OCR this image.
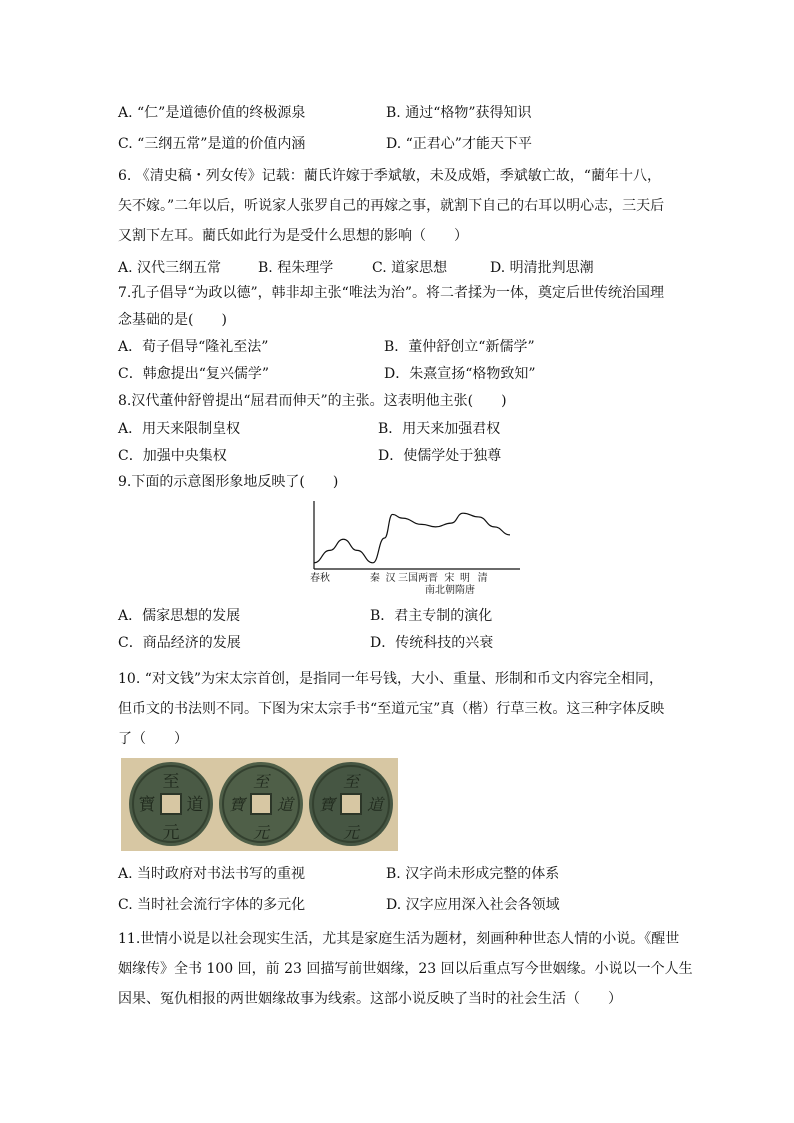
A. “仁”是道德价值的终极源泉	B. 通过“格物”获得知识
C. “三纲五常”是道的价值内涵	D. “正君心”才能天下平
6. 《清史稿・列女传》记载：藺氏许嫁于季斌敏，未及成婚，季斌敏亡故，“藺年十八，
矢不嫁。”二年以后，听说家人张罗自己的再嫁之事，就割下自己的右耳以明心志，三天后
又割下左耳。藺氏如此行为是受什么思想的影响（　　）
A. 汉代三纲五常	B. 程朱理学	C. 道家思想	D. 明清批判思潮
7.孔子倡导“为政以德”，韩非却主张“唯法为治”。将二者揉为一体，奠定后世传统治国理
念基础的是(　　)
A．荀子倡导“隆礼至法”	B．董仲舒创立“新儒学”
C．韩愈提出“复兴儒学”	D．朱熹宣扬“格物致知”
8.汉代董仲舒曾提出“屈君而伸天”的主张。这表明他主张(　　)
A．用天来限制皇权	B．用天来加强君权
C．加强中央集权	D．使儒学处于独尊
9.下面的示意图形象地反映了(　　)
春秋	秦 汉 三国两晋 宋 明 清
南北朝隋唐
A．儒家思想的发展	B．君主专制的演化
C．商品经济的发展	D．传统科技的兴衰
10. “对文钱”为宋太宗首创，是指同一年号钱，大小、重量、形制和币文内容完全相同，
但币文的书法则不同。下图为宋太宗手书“至道元宝”真（楷）行草三枚。这三种字体反映
了（　　）
至
道
元
寶
至
道
元
寶
至
道
元
寶
A. 当时政府对书法书写的重视	B. 汉字尚未形成完整的体系
C. 当时社会流行字体的多元化	D. 汉字应用深入社会各领域
11.世情小说是以社会现实生活，尤其是家庭生活为题材，刻画种种世态人情的小说。《醒世
姻缘传》全书 100 回，前 23 回描写前世姻缘，23 回以后重点写今世姻缘。小说以一个人生
因果、冤仇相报的两世姻缘故事为线索。这部小说反映了当时的社会生活（　　）
